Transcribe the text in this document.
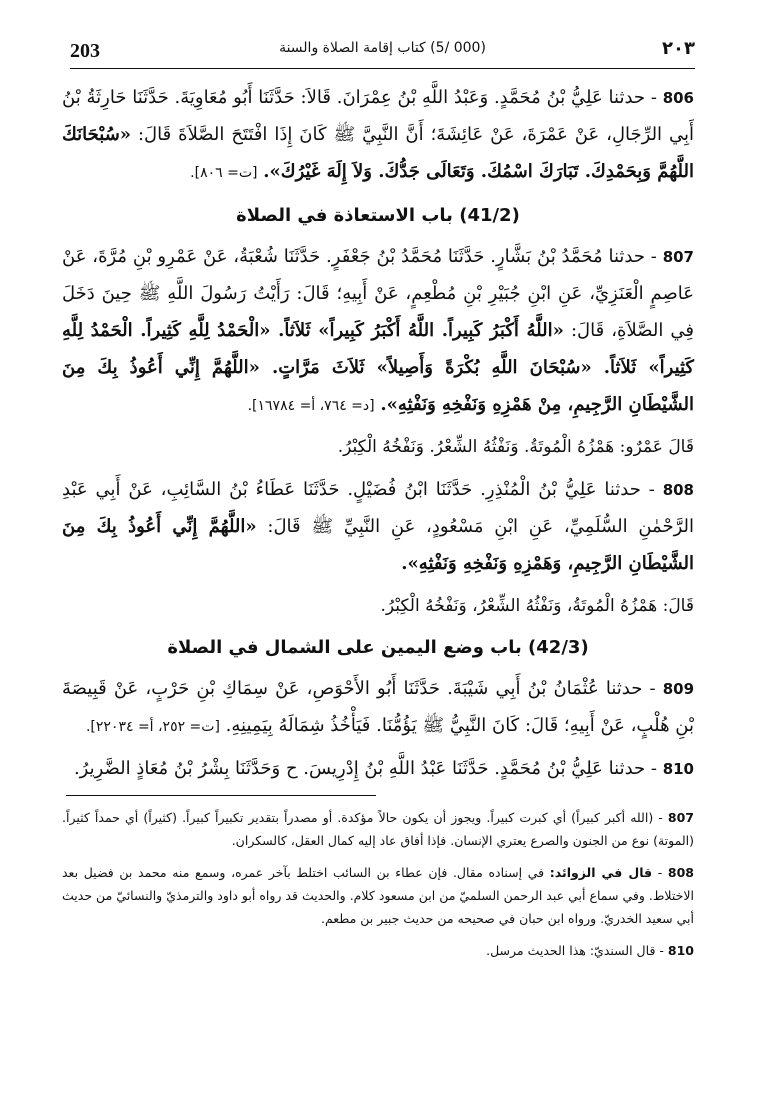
203	(000 /5) كتاب إقامة الصلاة والسنة	٢٠٣

806 - حدثنا عَلِيُّ بْنُ مُحَمَّدٍ. وَعَبْدُ اللَّهِ بْنُ عِمْرَانَ. قَالاَ: حَدَّثَنَا أَبُو مُعَاوِيَةَ. حَدَّثَنَا حَارِثَةُ بْنُ أَبِي الرِّجَالِ، عَنْ عَمْرَةَ، عَنْ عَائِشَةَ؛ أَنَّ النَّبِيَّ ﷺ كَانَ إِذَا افْتَتَحَ الصَّلاَةَ قَالَ: «سُبْحَانَكَ اللَّهُمَّ وَبِحَمْدِكَ. تَبَارَكَ اسْمُكَ. وَتَعَالَى جَدُّكَ. وَلاَ إِلَهَ غَيْرُكَ». [ت= ٨٠٦].

(41/2) باب الاستعاذة في الصلاة

807 - حدثنا مُحَمَّدُ بْنُ بَشَّارٍ. حَدَّثَنَا مُحَمَّدُ بْنُ جَعْفَرٍ. حَدَّثَنَا شُعْبَةُ، عَنْ عَمْرِو بْنِ مُرَّةَ، عَنْ عَاصِمٍ الْعَنَزِيِّ، عَنِ ابْنِ جُبَيْرِ بْنِ مُطْعِمٍ، عَنْ أَبِيهِ؛ قَالَ: رَأَيْتُ رَسُولَ اللَّهِ ﷺ حِينَ دَخَلَ فِي الصَّلاَةِ، قَالَ: «اللَّهُ أَكْبَرُ كَبِيراً. اللَّهُ أَكْبَرُ كَبِيراً» ثَلاَثاً. «الْحَمْدُ لِلَّهِ كَثِيراً. الْحَمْدُ لِلَّهِ كَثِيراً» ثَلاَثاً. «سُبْحَانَ اللَّهِ بُكْرَةً وَأَصِيلاً» ثَلاَثَ مَرَّاتٍ. «اللَّهُمَّ إِنِّي أَعُوذُ بِكَ مِنَ الشَّيْطَانِ الرَّجِيمِ، مِنْ هَمْزِهِ وَنَفْخِهِ وَنَفْثِهِ». [د= ٧٦٤، أ= ١٦٧٨٤].

قَالَ عَمْرٌو: هَمْزُهُ الْمُوتَةُ. وَنَفْثُهُ الشِّعْرُ. وَنَفْخُهُ الْكِبْرُ.

808 - حدثنا عَلِيُّ بْنُ الْمُنْذِرِ. حَدَّثَنَا ابْنُ فُضَيْلٍ. حَدَّثَنَا عَطَاءُ بْنُ السَّائِبِ، عَنْ أَبِي عَبْدِ الرَّحْمٰنِ السُّلَمِيِّ، عَنِ ابْنِ مَسْعُودٍ، عَنِ النَّبِيِّ ﷺ قَالَ: «اللَّهُمَّ إِنِّي أَعُوذُ بِكَ مِنَ الشَّيْطَانِ الرَّجِيمِ، وَهَمْزِهِ وَنَفْخِهِ وَنَفْثِهِ».

قَالَ: هَمْزُهُ الْمُوتَةُ، وَنَفْثُهُ الشِّعْرُ، وَنَفْخُهُ الْكِبْرُ.

(42/3) باب وضع اليمين على الشمال في الصلاة

809 - حدثنا عُثْمَانُ بْنُ أَبِي شَيْبَةَ. حَدَّثَنَا أَبُو الأَحْوَصِ، عَنْ سِمَاكِ بْنِ حَرْبٍ، عَنْ قَبِيصَةَ بْنِ هُلْبٍ، عَنْ أَبِيهِ؛ قَالَ: كَانَ النَّبِيُّ ﷺ يَؤُمُّنَا. فَيَأْخُذُ شِمَالَهُ بِيَمِينِهِ. [ت= ٢٥٢، أ= ٢٢٠٣٤].

810 - حدثنا عَلِيُّ بْنُ مُحَمَّدٍ. حَدَّثَنَا عَبْدُ اللَّهِ بْنُ إِدْرِيسَ. ح وَحَدَّثَنَا بِشْرُ بْنُ مُعَاذٍ الضَّرِيرُ.

807 - (الله أكبر كبيراً) أي كبرت كبيراً. ويجوز أن يكون حالاً مؤكدة. أو مصدراً بتقدير تكبيراً كبيراً. (كثيراً) أي حمداً كثيراً. (الموتة) نوع من الجنون والصرع يعتري الإنسان. فإذا أفاق عاد إليه كمال العقل، كالسكران.

808 - قال في الزوائد: في إسناده مقال. فإن عطاء بن السائب اختلط بآخر عمره، وسمع منه محمد بن فضيل بعد الاختلاط. وفي سماع أبي عبد الرحمن السلميّ من ابن مسعود كلام. والحديث قد رواه أبو داود والترمذيّ والنسائيّ من حديث أبي سعيد الخدريّ. ورواه ابن حبان في صحيحه من حديث جبير بن مطعم.

810 - قال السنديّ: هذا الحديث مرسل.
